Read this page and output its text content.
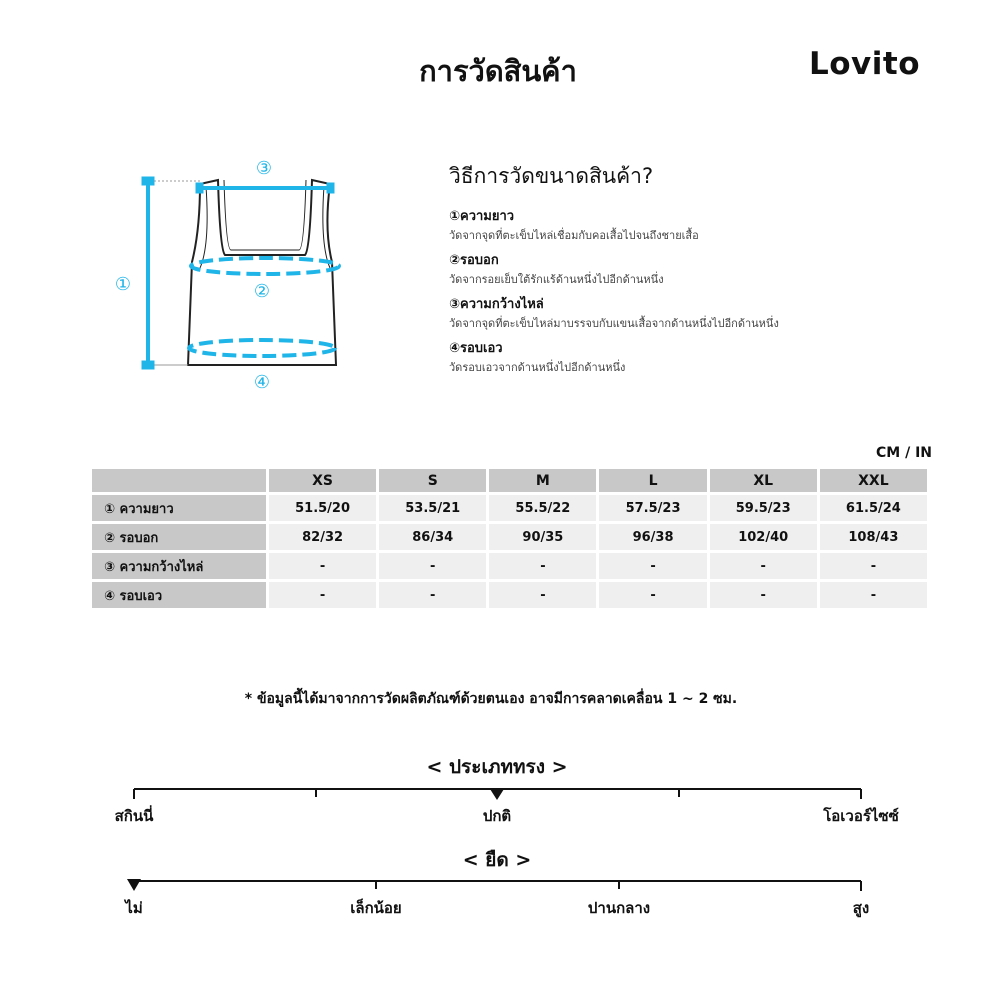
การวัดสินค้า	Lovito
①	②
③
④
วิธีการวัดขนาดสินค้า?
①ความยาว
วัดจากจุดที่ตะเข็บไหล่เชื่อมกับคอเสื้อไปจนถึงชายเสื้อ
②รอบอก
วัดจากรอยเย็บใต้รักแร้ด้านหนึ่งไปอีกด้านหนึ่ง
③ความกว้างไหล่
วัดจากจุดที่ตะเข็บไหล่มาบรรจบกับแขนเสื้อจากด้านหนึ่งไปอีกด้านหนึ่ง
④รอบเอว
วัดรอบเอวจากด้านหนึ่งไปอีกด้านหนึ่ง
CM / IN
	XS	S	M	L	XL	XXL
① ความยาว	51.5/20	53.5/21	55.5/22	57.5/23	59.5/23	61.5/24
② รอบอก	82/32	86/34	90/35	96/38	102/40	108/43
③ ความกว้างไหล่	-	-	-	-	-	-
④ รอบเอว	-	-	-	-	-	-
* ข้อมูลนี้ได้มาจากการวัดผลิตภัณฑ์ด้วยตนเอง อาจมีการคลาดเคลื่อน 1 ~ 2 ซม.
< ประเภททรง >
สกินนี่	ปกติ	โอเวอร์ไซซ์
< ยืด >
ไม่	เล็กน้อย	ปานกลาง	สูง
